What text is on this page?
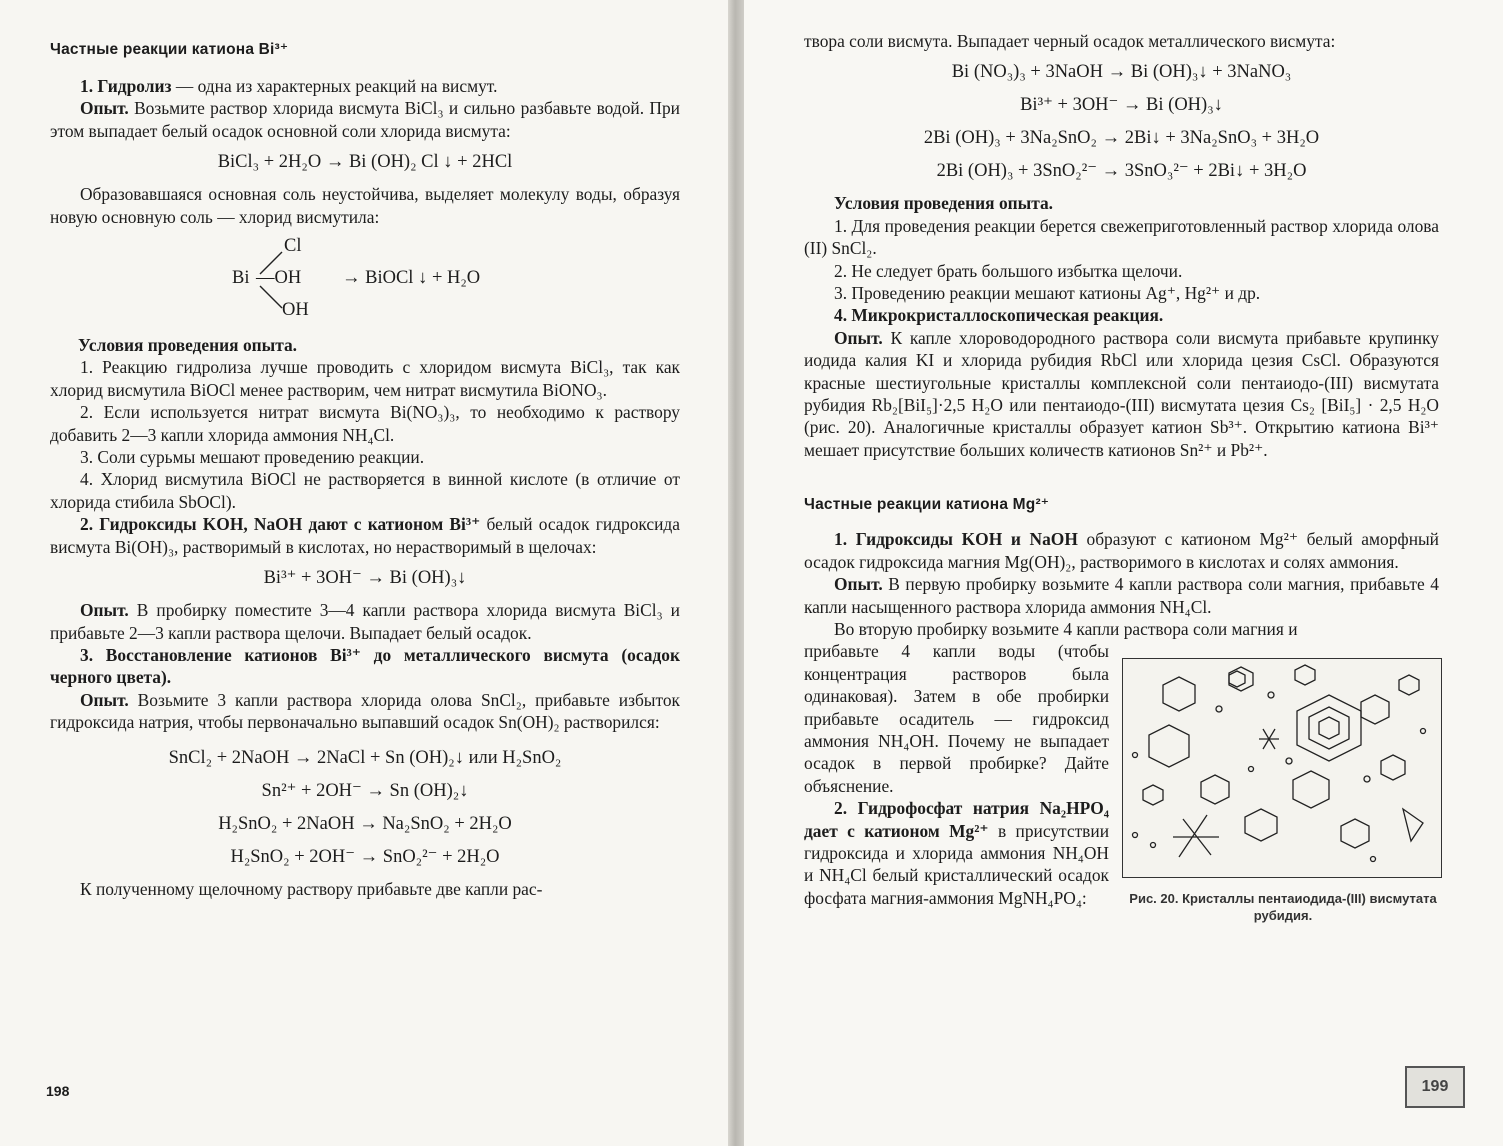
Частные реакции катиона Bi³⁺

1. Гидролиз — одна из характерных реакций на висмут.

Опыт. Возьмите раствор хлорида висмута BiCl₃ и сильно разбавьте водой. При этом выпадает белый осадок основной соли хлорида висмута:

BiCl₃ + 2H₂O → Bi (OH)₂ Cl ↓ + 2HCl

Образовавшаяся основная соль неустойчива, выделяет молекулу воды, образуя новую основную соль — хлорид висмутила:

Cl
Bi —OH → BiOCl ↓ + H₂O
OH

Условия проведения опыта.

1. Реакцию гидролиза лучше проводить с хлоридом висмута BiCl₃, так как хлорид висмутила BiOCl менее растворим, чем нитрат висмутила BiONO₃.

2. Если используется нитрат висмута Bi(NO₃)₃, то необходимо к раствору добавить 2—3 капли хлорида аммония NH₄Cl.

3. Соли сурьмы мешают проведению реакции.

4. Хлорид висмутила BiOCl не растворяется в винной кислоте (в отличие от хлорида стибила SbOCl).

2. Гидроксиды KOH, NaOH дают с катионом Bi³⁺ белый осадок гидроксида висмута Bi(OH)₃, растворимый в кислотах, но нерастворимый в щелочах:

Bi³⁺ + 3OH⁻ → Bi (OH)₃↓

Опыт. В пробирку поместите 3—4 капли раствора хлорида висмута BiCl₃ и прибавьте 2—3 капли раствора щелочи. Выпадает белый осадок.

3. Восстановление катионов Bi³⁺ до металлического висмута (осадок черного цвета).

Опыт. Возьмите 3 капли раствора хлорида олова SnCl₂, прибавьте избыток гидроксида натрия, чтобы первоначально выпавший осадок Sn(OH)₂ растворился:

SnCl₂ + 2NaOH → 2NaCl + Sn (OH)₂↓ или H₂SnO₂
Sn²⁺ + 2OH⁻ → Sn (OH)₂↓
H₂SnO₂ + 2NaOH → Na₂SnO₂ + 2H₂O
H₂SnO₂ + 2OH⁻ → SnO₂²⁻ + 2H₂O

К полученному щелочному раствору прибавьте две капли рас-

198

твора соли висмута. Выпадает черный осадок металлического висмута:

Bi (NO₃)₃ + 3NaOH → Bi (OH)₃↓ + 3NaNO₃
Bi³⁺ + 3OH⁻ → Bi (OH)₃↓
2Bi (OH)₃ + 3Na₂SnO₂ → 2Bi↓ + 3Na₂SnO₃ + 3H₂O
2Bi (OH)₃ + 3SnO₂²⁻ → 3SnO₃²⁻ + 2Bi↓ + 3H₂O

Условия проведения опыта.

1. Для проведения реакции берется свежеприготовленный раствор хлорида олова (II) SnCl₂.

2. Не следует брать большого избытка щелочи.

3. Проведению реакции мешают катионы Ag⁺, Hg²⁺ и др.

4. Микрокристаллоскопическая реакция.

Опыт. К капле хлороводородного раствора соли висмута прибавьте крупинку иодида калия KI и хлорида рубидия RbCl или хлорида цезия CsCl. Образуются красные шестиугольные кристаллы комплексной соли пентаиодо-(III) висмутата рубидия Rb₂[BiI₅]·2,5 H₂O или пентаиодо-(III) висмутата цезия Cs₂ [BiI₅] · 2,5 H₂O (рис. 20). Аналогичные кристаллы образует катион Sb³⁺. Открытию катиона Bi³⁺ мешает присутствие больших количеств катионов Sn²⁺ и Pb²⁺.

Частные реакции катиона Mg²⁺

1. Гидроксиды KOH и NaOH образуют с катионом Mg²⁺ белый аморфный осадок гидроксида магния Mg(OH)₂, растворимого в кислотах и солях аммония.

Опыт. В первую пробирку возьмите 4 капли раствора соли магния, прибавьте 4 капли насыщенного раствора хлорида аммония NH₄Cl.

Во вторую пробирку возьмите 4 капли раствора соли магния и

прибавьте 4 капли воды (чтобы концентрация растворов была одинаковая). Затем в обе пробирки прибавьте осадитель — гидроксид аммония NH₄OH. Почему не выпадает осадок в первой пробирке? Дайте объяснение.

2. Гидрофосфат натрия Na₂HPO₄ дает с катионом Mg²⁺ в присутствии гидроксида и хлорида аммония NH₄OH и NH₄Cl белый кристаллический осадок фосфата магния-аммония MgNH₄PO₄:	Рис. 20. Кристаллы пентаиодида-(III) висмутата рубидия.
199
